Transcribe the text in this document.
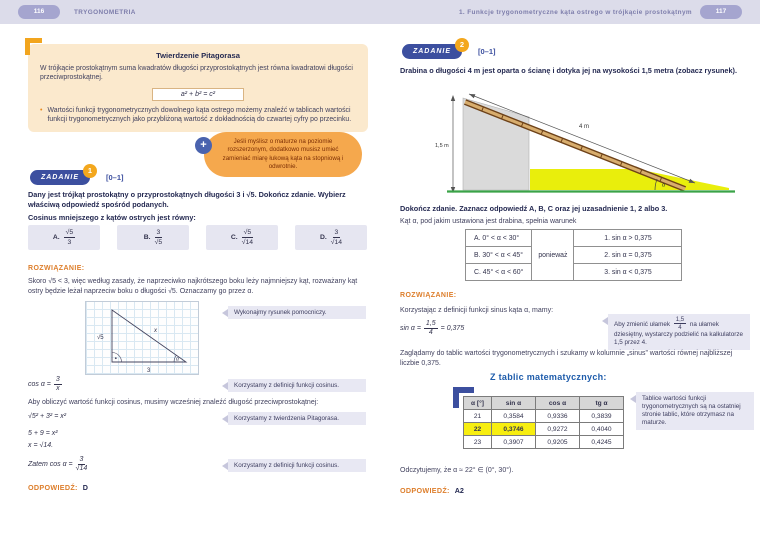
116	TRYGONOMETRIA	1. Funkcje trygonometryczne kąta ostrego w trójkącie prostokątnym	117
Twierdzenie Pitagorasa
W trójkącie prostokątnym suma kwadratów długości przyprostokątnych jest równa kwadratowi długości przeciwprostokątnej.
a² + b² = c²
• Wartości funkcji trygonometrycznych dowolnego kąta ostrego możemy znaleźć w tablicach wartości funkcji trygonometrycznych jako przybliżoną wartość z dokładnością do czwartej cyfry po przecinku.
Jeśli myślisz o maturze na poziomie rozszerzonym, dodatkowo musisz umieć zamieniać miarę łukową kąta na stopniową i odwrotnie.
+
ZADANIE
1
[0–1]
Dany jest trójkąt prostokątny o przyprostokątnych długości 3 i √5. Dokończ zdanie. Wybierz właściwą odpowiedź spośród podanych.
Cosinus mniejszego z kątów ostrych jest równy:
A. $\frac{√5}{3}$	B. $\frac{3}{√5}$	C. $\frac{√5}{√14}$	D. $\frac{3}{√14}$
ROZWIĄZANIE:
Skoro √5 < 3, więc według zasady, że naprzeciwko najkrótszego boku leży najmniejszy kąt, rozważany kąt ostry będzie leżał naprzeciw boku o długości √5. Oznaczamy go przez α.
√5
3
x
α
Wykonajmy rysunek pomocniczy.
$\cos \alpha = \frac{3}{x}$	Korzystamy z definicji funkcji cosinus.
Aby obliczyć wartość funkcji cosinus, musimy wcześniej znaleźć długość przeciwprostokątnej:
√5² + 3² = x²	Korzystamy z twierdzenia Pitagorasa.
5 + 9 = x²
x = √14.
Zatem $\cos \alpha = \frac{3}{√14}$	Korzystamy z definicji funkcji cosinus.
ODPOWIEDŹ: D
ZADANIE
2
[0–1]
Drabina o długości 4 m jest oparta o ścianę i dotyka jej na wysokości 1,5 metra (zobacz rysunek).
1,5 m
4 m
α
Dokończ zdanie. Zaznacz odpowiedź A, B, C oraz jej uzasadnienie 1, 2 albo 3.
Kąt α, pod jakim ustawiona jest drabina, spełnia warunek
A. 0° < α < 30°	ponieważ	1. sin α > 0,375
B. 30° < α < 45°		2. sin α = 0,375
C. 45° < α < 60°		3. sin α < 0,375
ROZWIĄZANIE:
Korzystając z definicji funkcji sinus kąta α, mamy:
$\sin \alpha = \frac{1,5}{4} = 0,375$
Aby zmienić ułamek $\frac{1,5}{4}$ na ułamek dziesiętny, wystarczy podzielić na kalkulatorze 1,5 przez 4.
Zaglądamy do tablic wartości trygonometrycznych i szukamy w kolumnie „sinus” wartości równej najbliższej liczbie 0,375.
Z tablic matematycznych:
α [°]	sin α	cos α	tg α
21	0,3584	0,9336	0,3839
22	0,3746	0,9272	0,4040
23	0,3907	0,9205	0,4245
Tablice wartości funkcji trygonometrycznych są na ostatniej stronie tablic, które otrzymasz na maturze.
Odczytujemy, że α ≈ 22° ∈ (0°, 30°).
ODPOWIEDŹ: A2
